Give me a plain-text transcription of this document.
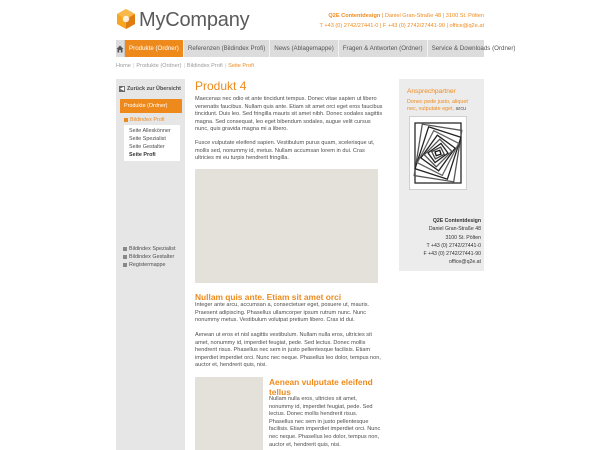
MyCompany	Q2E Contentdesign | Daniel Gran-Straße 48 | 3100 St. Pölten
T +43 (0) 2742/27441-0 | F +43 (0) 2742/27441-90 | office@q2e.at
Produkte (Ordner)	Referenzen (Bildindex Profi)	News (Ablagemappe)	Fragen & Antworten (Ordner)	Service & Downloads (Ordner)
Home | Produkte (Ordner) | Bildindex Profi | Seite Profi
◀ Zurück zur Übersicht
Produkte (Ordner)
Bildindex Profi
Seite Alleskönner
Seite Spezialist
Seite Gestalter
Seite Profi
Bildindex Spezialist
Bildindex Gestalter
Registermappe
Produkt 4

Maecenas nec odio et ante tincidunt tempus. Donec vitae sapien ut libero venenatis faucibus. Nullam quis ante. Etiam sit amet orci eget eros faucibus tincidunt. Duis leo. Sed fringilla mauris sit amet nibh. Donec sodales sagittis magna. Sed consequat, leo eget bibendum sodales, augue velit cursus nunc, quis gravida magna mi a libero.

Fusce vulputate eleifend sapien. Vestibulum purus quam, scelerisque ut, mollis sed, nonummy id, metus. Nullam accumsan lorem in dui. Cras ultricies mi eu turpis hendrerit fringilla.

Nullam quis ante. Etiam sit amet orci

Integer ante arcu, accumsan a, consectetuer eget, posuere ut, mauris. Praesent adipiscing. Phasellus ullamcorper ipsum rutrum nunc. Nunc nonummy metus. Vestibulum volutpat pretium libero. Cras id dui.

Aenean ut eros et nisl sagittis vestibulum. Nullam nulla eros, ultricies sit amet, nonummy id, imperdiet feugiat, pede. Sed lectus. Donec mollis hendrerit risus. Phasellus nec sem in justo pellentesque facilisis. Etiam imperdiet imperdiet orci. Nunc nec neque. Phasellus leo dolor, tempus non, auctor et, hendrerit quis, nisi.

Aenean vulputate eleifend tellus

Nullam nulla eros, ultricies sit amet, nonummy id, imperdiet feugiat, pede. Sed lectus. Donec mollis hendrerit risus. Phasellus nec sem in justo pellentesque facilisis. Etiam imperdiet imperdiet orci. Nunc nec neque. Phasellus leo dolor, tempus non, auctor et, hendrerit quis, nisi.

Ansprechpartner
Donec pede justo, aliquet nec, vulputate eget, arcu
Q2E Contentdesign
Daniel Gran-Straße 48
3100 St. Pölten
T +43 (0) 2742/27441-0
F +43 (0) 2742/27441-90
office@q2e.at
